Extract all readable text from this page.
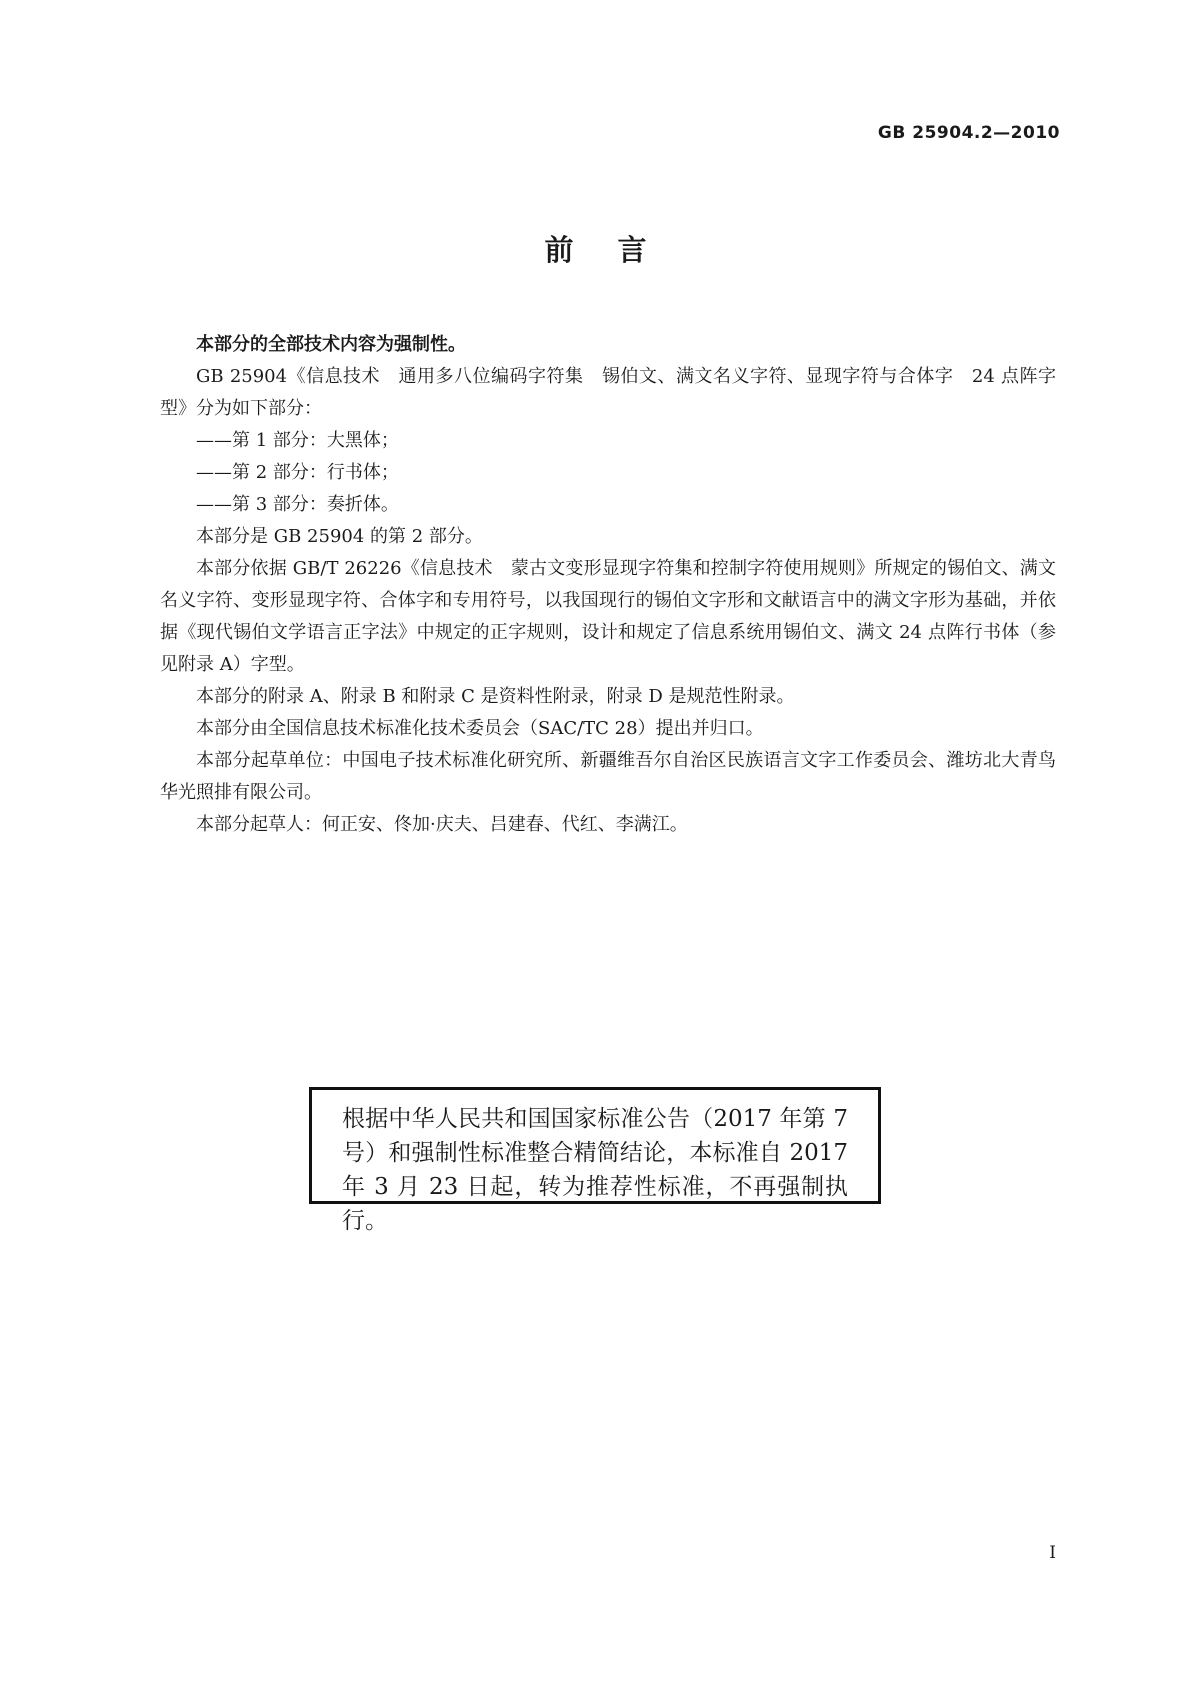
GB 25904.2—2010
前言

本部分的全部技术内容为强制性。

GB 25904《信息技术　通用多八位编码字符集　锡伯文、满文名义字符、显现字符与合体字　24 点阵字型》分为如下部分：

——第 1 部分：大黑体；

——第 2 部分：行书体；

——第 3 部分：奏折体。

本部分是 GB 25904 的第 2 部分。

本部分依据 GB/T 26226《信息技术　蒙古文变形显现字符集和控制字符使用规则》所规定的锡伯文、满文名义字符、变形显现字符、合体字和专用符号，以我国现行的锡伯文字形和文献语言中的满文字形为基础，并依据《现代锡伯文学语言正字法》中规定的正字规则，设计和规定了信息系统用锡伯文、满文 24 点阵行书体（参见附录 A）字型。

本部分的附录 A、附录 B 和附录 C 是资料性附录，附录 D 是规范性附录。

本部分由全国信息技术标准化技术委员会（SAC/TC 28）提出并归口。

本部分起草单位：中国电子技术标准化研究所、新疆维吾尔自治区民族语言文字工作委员会、潍坊北大青鸟华光照排有限公司。

本部分起草人：何正安、佟加·庆夫、吕建春、代红、李满江。

根据中华人民共和国国家标准公告（2017 年第 7 号）和强制性标准整合精简结论，本标准自 2017 年 3 月 23 日起，转为推荐性标准，不再强制执行。
I
